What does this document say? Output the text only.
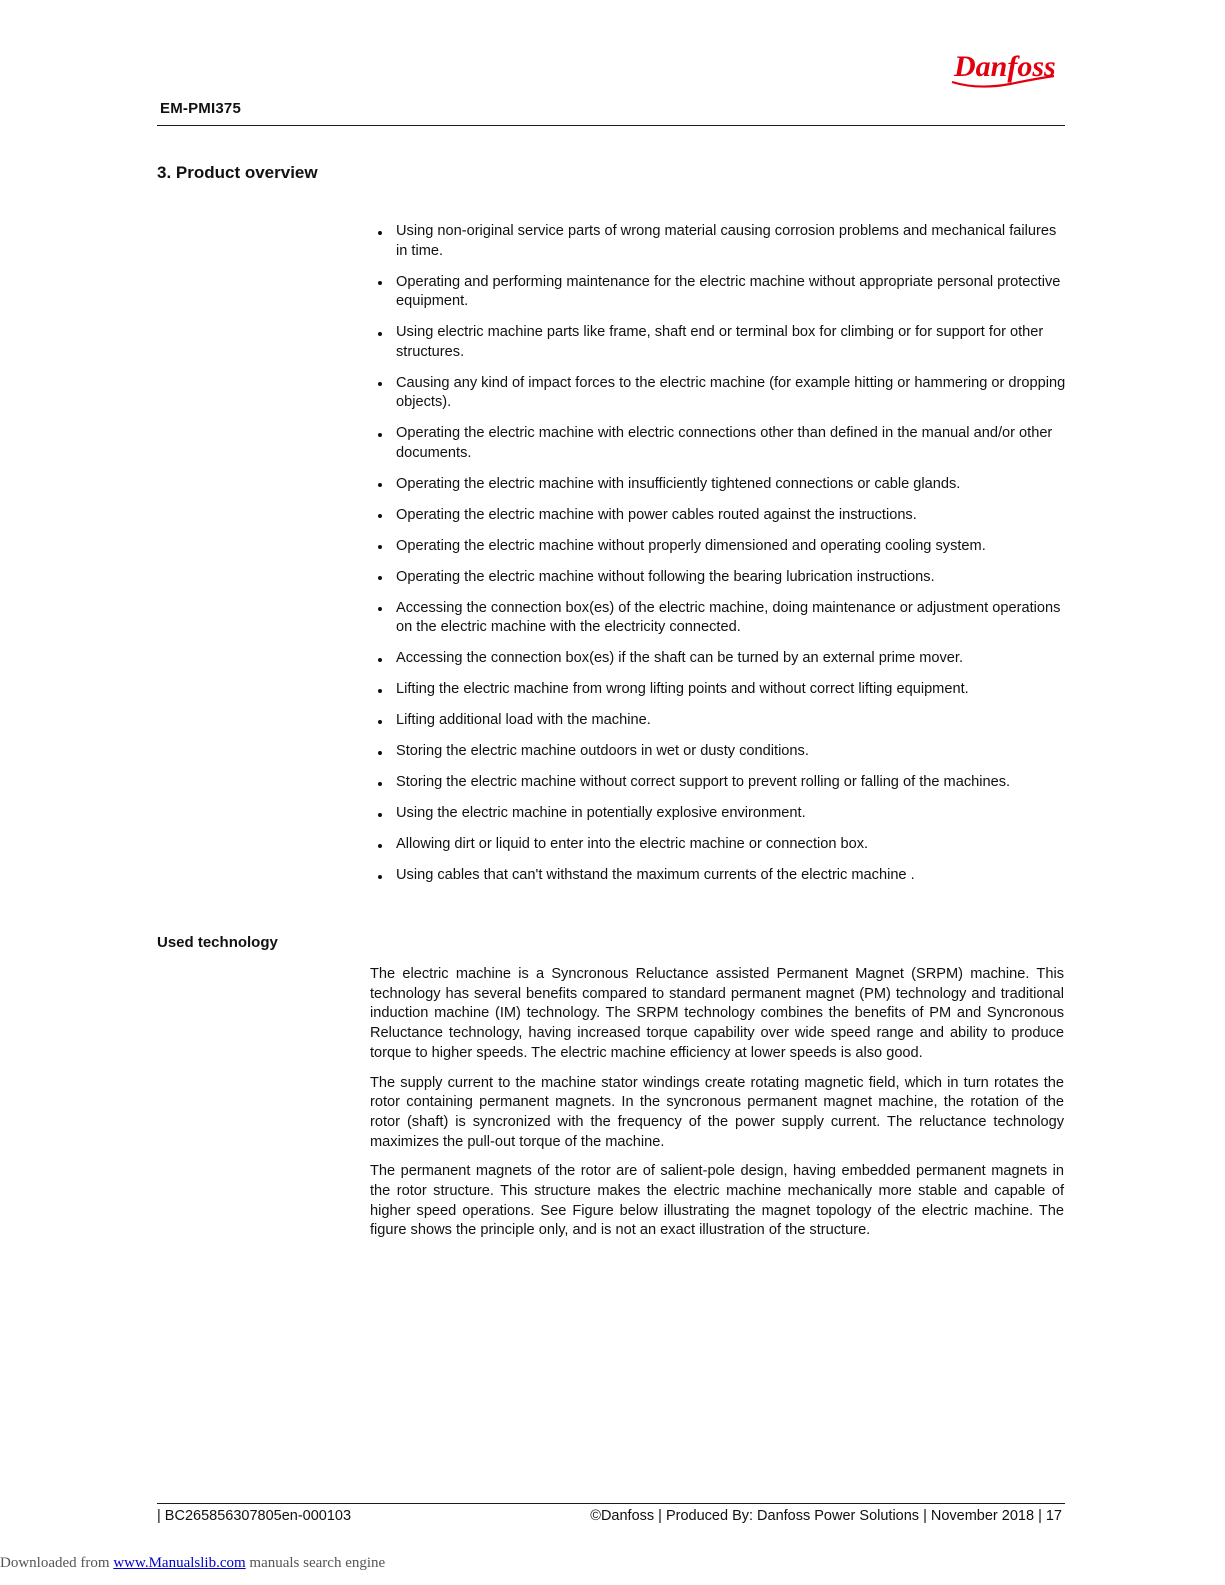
Danfoss
EM-PMI375
3. Product overview
Using non-original service parts of wrong material causing corrosion problems and mechanical failures in time.
Operating and performing maintenance for the electric machine without appropriate personal protective equipment.
Using electric machine parts like frame, shaft end or terminal box for climbing or for support for other structures.
Causing any kind of impact forces to the electric machine (for example hitting or hammering or dropping objects).
Operating the electric machine with electric connections other than defined in the manual and/or other documents.
Operating the electric machine with insufficiently tightened connections or cable glands.
Operating the electric machine with power cables routed against the instructions.
Operating the electric machine without properly dimensioned and operating cooling system.
Operating the electric machine without following the bearing lubrication instructions.
Accessing the connection box(es) of the electric machine, doing maintenance or adjustment operations on the electric machine with the electricity connected.
Accessing the connection box(es) if the shaft can be turned by an external prime mover.
Lifting the electric machine from wrong lifting points and without correct lifting equipment.
Lifting additional load with the machine.
Storing the electric machine outdoors in wet or dusty conditions.
Storing the electric machine without correct support to prevent rolling or falling of the machines.
Using the electric machine in potentially explosive environment.
Allowing dirt or liquid to enter into the electric machine or connection box.
Using cables that can't withstand the maximum currents of the electric machine .
Used technology

The electric machine is a Syncronous Reluctance assisted Permanent Magnet (SRPM) machine. This technology has several benefits compared to standard permanent magnet (PM) technology and traditional induction machine (IM) technology. The SRPM technology combines the benefits of PM and Syncronous Reluctance technology, having increased torque capability over wide speed range and ability to produce torque to higher speeds. The electric machine efficiency at lower speeds is also good.

The supply current to the machine stator windings create rotating magnetic field, which in turn rotates the rotor containing permanent magnets. In the syncronous permanent magnet machine, the rotation of the rotor (shaft) is syncronized with the frequency of the power supply current. The reluctance technology maximizes the pull-out torque of the machine.

The permanent magnets of the rotor are of salient-pole design, having embedded permanent magnets in the rotor structure. This structure makes the electric machine mechanically more stable and capable of higher speed operations. See Figure below illustrating the magnet topology of the electric machine. The figure shows the principle only, and is not an exact illustration of the structure.

| BC265856307805en-000103	©Danfoss | Produced By: Danfoss Power Solutions | November 2018 | 17
Downloaded from www.Manualslib.com manuals search engine
